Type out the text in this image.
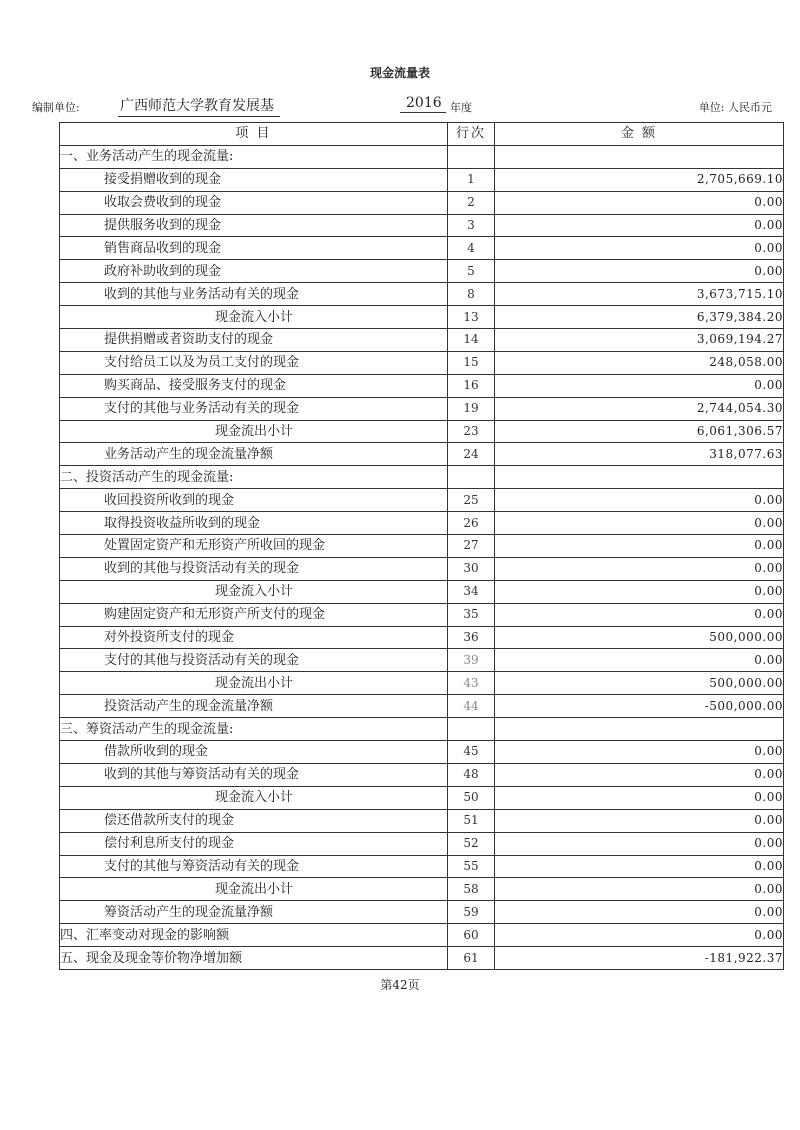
现金流量表
编制单位:	广西师范大学教育发展基	2016 年度	单位: 人民币元
项 目	行次	金 额
一、业务活动产生的现金流量:		
接受捐赠收到的现金	1	2,705,669.10
收取会费收到的现金	2	0.00
提供服务收到的现金	3	0.00
销售商品收到的现金	4	0.00
政府补助收到的现金	5	0.00
收到的其他与业务活动有关的现金	8	3,673,715.10
现金流入小计	13	6,379,384.20
提供捐赠或者资助支付的现金	14	3,069,194.27
支付给员工以及为员工支付的现金	15	248,058.00
购买商品、接受服务支付的现金	16	0.00
支付的其他与业务活动有关的现金	19	2,744,054.30
现金流出小计	23	6,061,306.57
业务活动产生的现金流量净额	24	318,077.63
二、投资活动产生的现金流量:		
收回投资所收到的现金	25	0.00
取得投资收益所收到的现金	26	0.00
处置固定资产和无形资产所收回的现金	27	0.00
收到的其他与投资活动有关的现金	30	0.00
现金流入小计	34	0.00
购建固定资产和无形资产所支付的现金	35	0.00
对外投资所支付的现金	36	500,000.00
支付的其他与投资活动有关的现金	39	0.00
现金流出小计	43	500,000.00
投资活动产生的现金流量净额	44	-500,000.00
三、筹资活动产生的现金流量:		
借款所收到的现金	45	0.00
收到的其他与筹资活动有关的现金	48	0.00
现金流入小计	50	0.00
偿还借款所支付的现金	51	0.00
偿付利息所支付的现金	52	0.00
支付的其他与筹资活动有关的现金	55	0.00
现金流出小计	58	0.00
筹资活动产生的现金流量净额	59	0.00
四、汇率变动对现金的影响额	60	0.00
五、现金及现金等价物净增加额	61	-181,922.37
第42页
